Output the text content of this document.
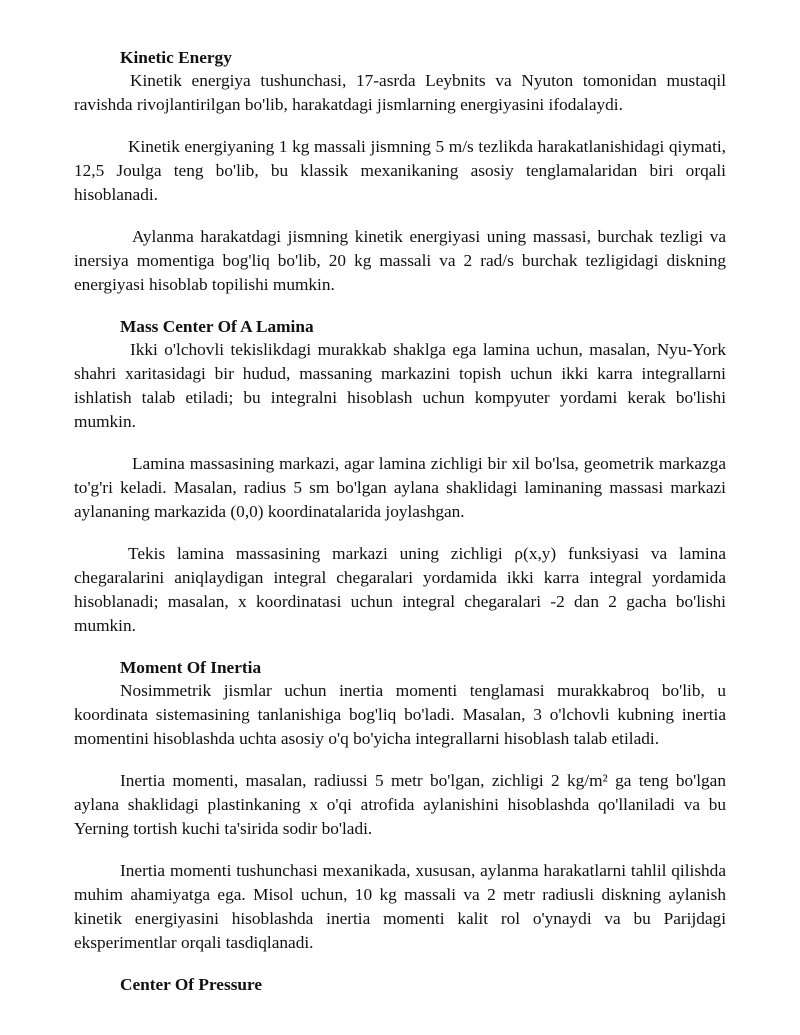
Kinetic Energy

Kinetik energiya tushunchasi, 17-asrda Leybnits va Nyuton tomonidan mustaqil ravishda rivojlantirilgan bo'lib, harakatdagi jismlarning energiyasini ifodalaydi.

Kinetik energiyaning 1 kg massali jismning 5 m/s tezlikda harakatlanishidagi qiymati, 12,5 Joulga teng bo'lib, bu klassik mexanikaning asosiy tenglamalaridan biri orqali hisoblanadi.

Aylanma harakatdagi jismning kinetik energiyasi uning massasi, burchak tezligi va inersiya momentiga bog'liq bo'lib, 20 kg massali va 2 rad/s burchak tezligidagi diskning energiyasi hisoblab topilishi mumkin.

Mass Center Of A Lamina

Ikki o'lchovli tekislikdagi murakkab shaklga ega lamina uchun, masalan, Nyu-York shahri xaritasidagi bir hudud, massaning markazini topish uchun ikki karra integrallarni ishlatish talab etiladi; bu integralni hisoblash uchun kompyuter yordami kerak bo'lishi mumkin.

Lamina massasining markazi, agar lamina zichligi bir xil bo'lsa, geometrik markazga to'g'ri keladi. Masalan, radius 5 sm bo'lgan aylana shaklidagi laminaning massasi markazi aylananing markazida (0,0) koordinatalarida joylashgan.

Tekis lamina massasining markazi uning zichligi ρ(x,y) funksiyasi va lamina chegaralarini aniqlaydigan integral chegaralari yordamida ikki karra integral yordamida hisoblanadi; masalan, x koordinatasi uchun integral chegaralari -2 dan 2 gacha bo'lishi mumkin.

Moment Of Inertia

Nosimmetrik jismlar uchun inertia momenti tenglamasi murakkabroq bo'lib, u koordinata sistemasining tanlanishiga bog'liq bo'ladi. Masalan, 3 o'lchovli kubning inertia momentini hisoblashda uchta asosiy o'q bo'yicha integrallarni hisoblash talab etiladi.

Inertia momenti, masalan, radiussi 5 metr bo'lgan, zichligi 2 kg/m² ga teng bo'lgan aylana shaklidagi plastinkaning x o'qi atrofida aylanishini hisoblashda qo'llaniladi va bu Yerning tortish kuchi ta'sirida sodir bo'ladi.

Inertia momenti tushunchasi mexanikada, xususan, aylanma harakatlarni tahlil qilishda muhim ahamiyatga ega. Misol uchun, 10 kg massali va 2 metr radiusli diskning aylanish kinetik energiyasini hisoblashda inertia momenti kalit rol o'ynaydi va bu Parijdagi eksperimentlar orqali tasdiqlanadi.

Center Of Pressure
